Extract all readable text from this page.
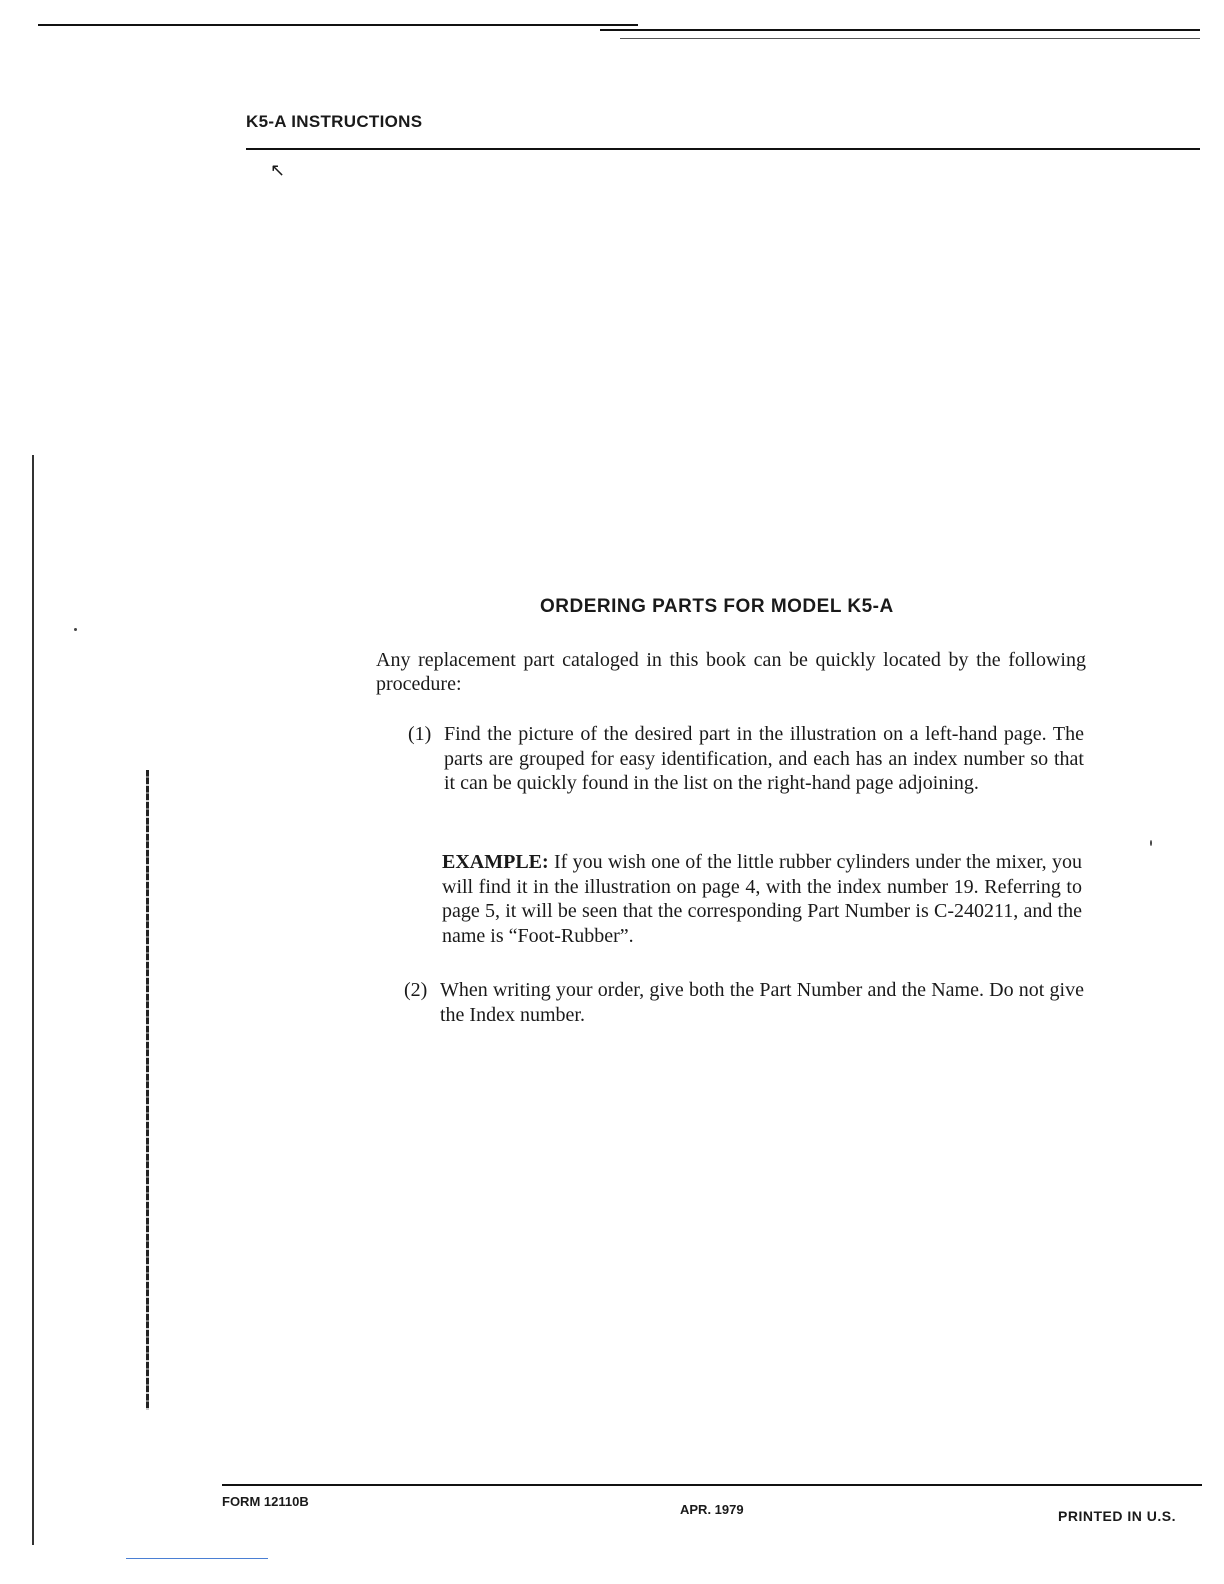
K5-A INSTRUCTIONS
↖
ORDERING PARTS FOR MODEL K5-A

Any replacement part cataloged in this book can be quickly located by the following procedure:

(1) Find the picture of the desired part in the illustration on a left-hand page. The parts are grouped for easy identification, and each has an index number so that it can be quickly found in the list on the right-hand page adjoining.

EXAMPLE: If you wish one of the little rubber cylinders under the mixer, you will find it in the illustration on page 4, with the index number 19. Referring to page 5, it will be seen that the corresponding Part Number is C-240211, and the name is “Foot-Rubber”.

(2) When writing your order, give both the Part Number and the Name. Do not give the Index number.

FORM 12110B

APR. 1979	PRINTED IN U.S.
